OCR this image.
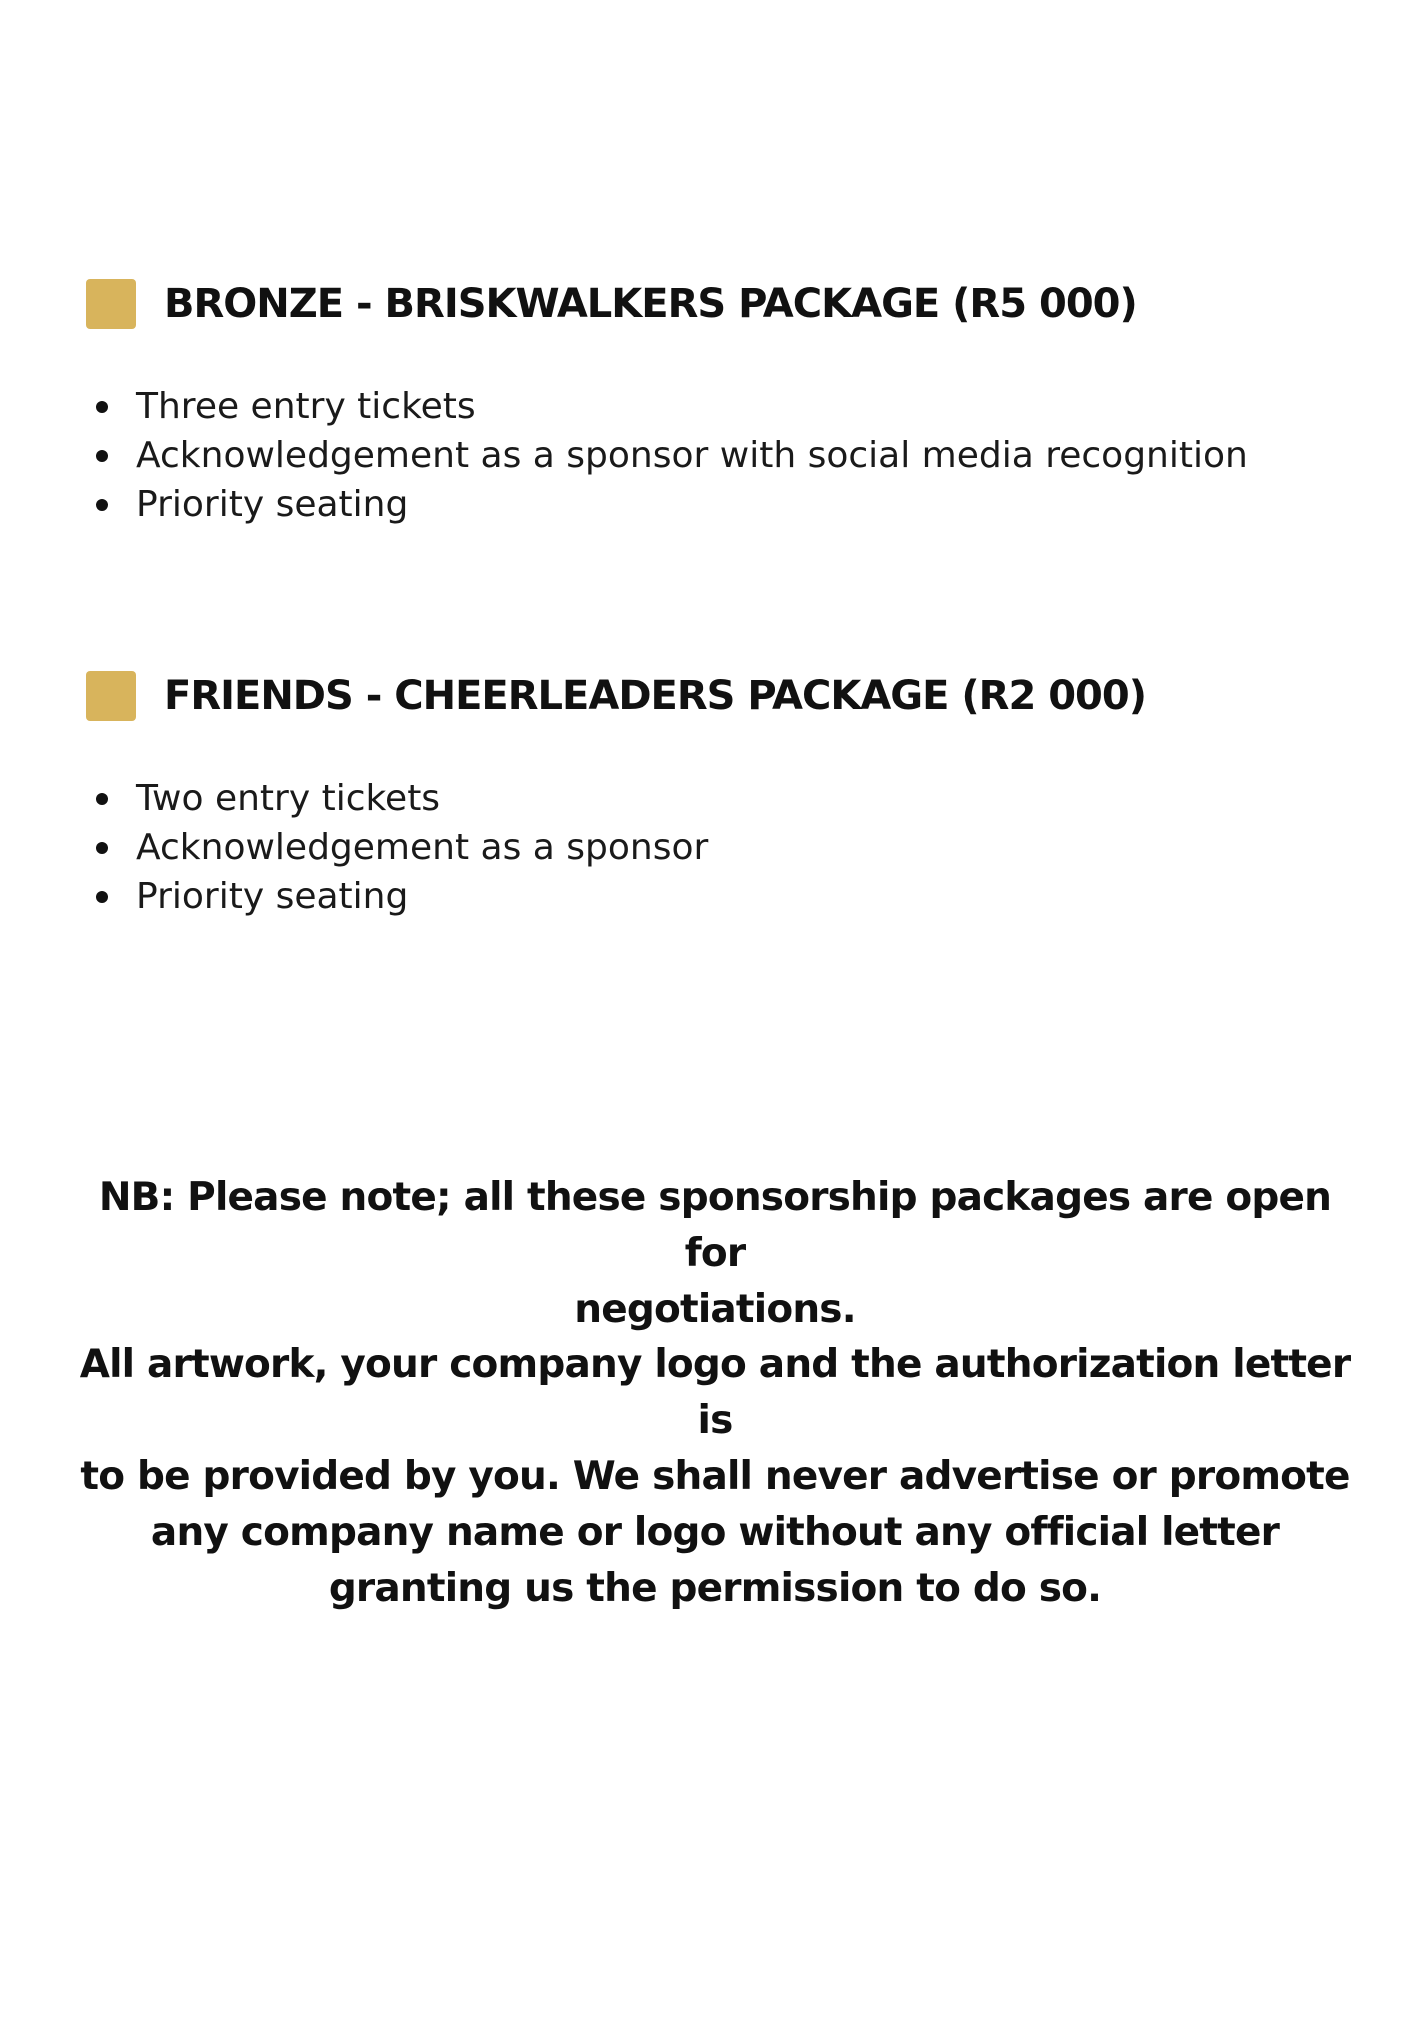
BRONZE - BRISKWALKERS PACKAGE (R5 000)
Three entry tickets
Acknowledgement as a sponsor with social media recognition
Priority seating
FRIENDS - CHEERLEADERS PACKAGE (R2 000)
Two entry tickets
Acknowledgement as a sponsor
Priority seating
NB: Please note; all these sponsorship packages are open for
negotiations.
All artwork, your company logo and the authorization letter is
to be provided by you. We shall never advertise or promote
any company name or logo without any official letter
granting us the permission to do so.
